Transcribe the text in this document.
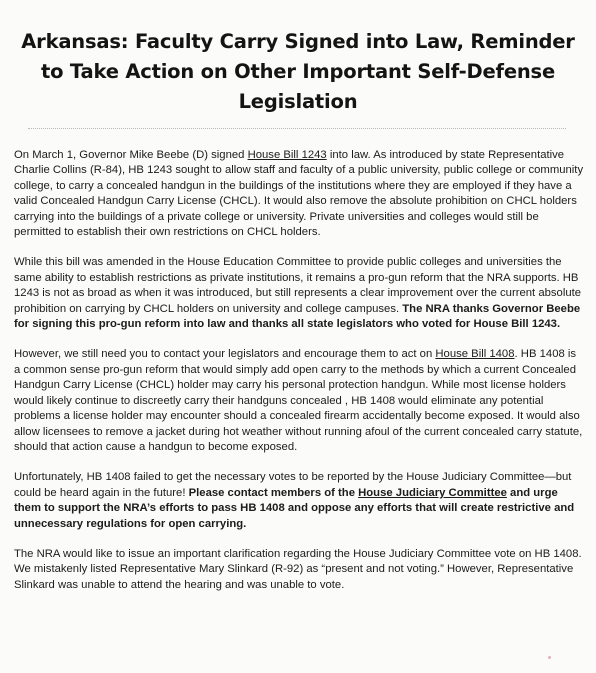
Arkansas: Faculty Carry Signed into Law, Reminder to Take Action on Other Important Self-Defense Legislation

On March 1, Governor Mike Beebe (D) signed House Bill 1243 into law. As introduced by state Representative Charlie Collins (R-84), HB 1243 sought to allow staff and faculty of a public university, public college or community college, to carry a concealed handgun in the buildings of the institutions where they are employed if they have a valid Concealed Handgun Carry License (CHCL). It would also remove the absolute prohibition on CHCL holders carrying into the buildings of a private college or university. Private universities and colleges would still be permitted to establish their own restrictions on CHCL holders.

While this bill was amended in the House Education Committee to provide public colleges and universities the same ability to establish restrictions as private institutions, it remains a pro-gun reform that the NRA supports. HB 1243 is not as broad as when it was introduced, but still represents a clear improvement over the current absolute prohibition on carrying by CHCL holders on university and college campuses. The NRA thanks Governor Beebe for signing this pro-gun reform into law and thanks all state legislators who voted for House Bill 1243.

However, we still need you to contact your legislators and encourage them to act on House Bill 1408. HB 1408 is a common sense pro-gun reform that would simply add open carry to the methods by which a current Concealed Handgun Carry License (CHCL) holder may carry his personal protection handgun. While most license holders would likely continue to discreetly carry their handguns concealed , HB 1408 would eliminate any potential problems a license holder may encounter should a concealed firearm accidentally become exposed. It would also allow licensees to remove a jacket during hot weather without running afoul of the current concealed carry statute, should that action cause a handgun to become exposed.

Unfortunately, HB 1408 failed to get the necessary votes to be reported by the House Judiciary Committee—but could be heard again in the future! Please contact members of the House Judiciary Committee and urge them to support the NRA’s efforts to pass HB 1408 and oppose any efforts that will create restrictive and unnecessary regulations for open carrying.

The NRA would like to issue an important clarification regarding the House Judiciary Committee vote on HB 1408. We mistakenly listed Representative Mary Slinkard (R-92) as “present and not voting.” However, Representative Slinkard was unable to attend the hearing and was unable to vote.
